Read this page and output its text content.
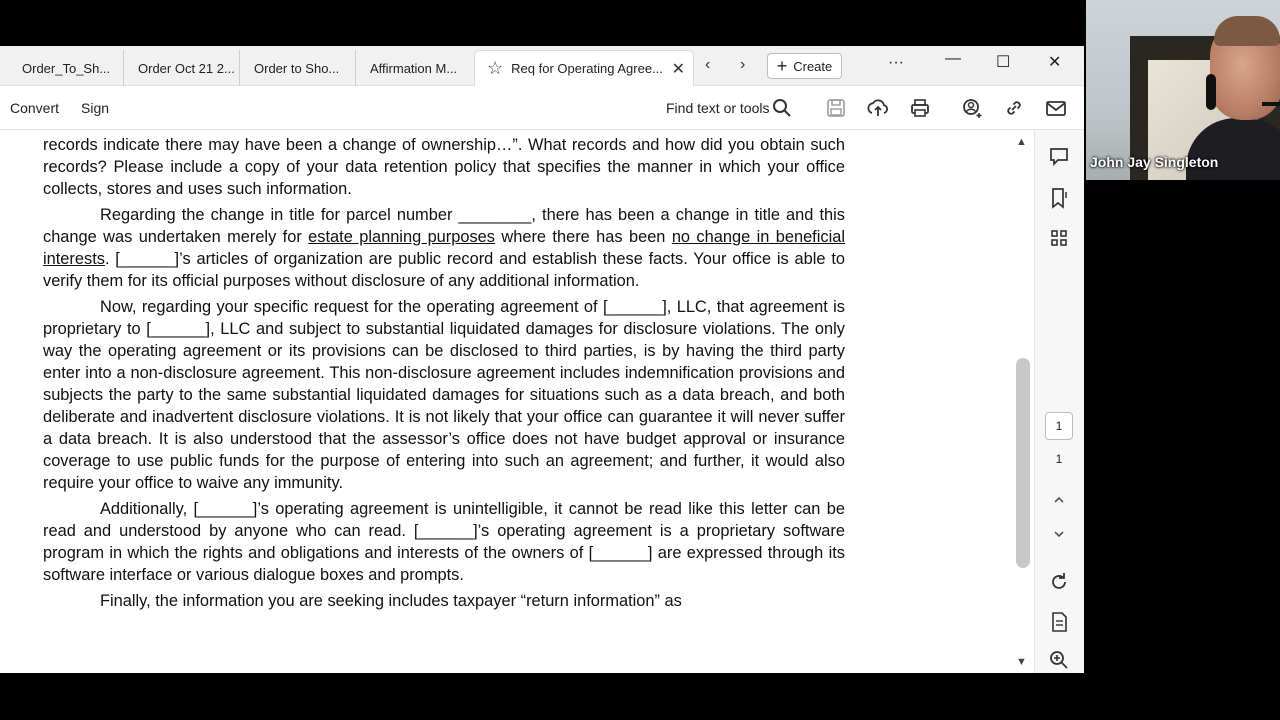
Order_To_Sh... Order Oct 21 2... Order to Sho... Affirmation M... ☆ Req for Operating Agree... ✕ ‹ › + Create	···	— ☐ ✕
Convert Sign	Find text or tools

records indicate there may have been a change of ownership…”. What records and how did you obtain such records? Please include a copy of your data retention policy that specifies the manner in which your office collects, stores and uses such information.

Regarding the change in title for parcel number ________, there has been a change in title and this change was undertaken merely for estate planning purposes where there has been no change in beneficial interests. [______]’s articles of organization are public record and establish these facts. Your office is able to verify them for its official purposes without disclosure of any additional information.

Now, regarding your specific request for the operating agreement of [______], LLC, that agreement is proprietary to [______], LLC and subject to substantial liquidated damages for disclosure violations. The only way the operating agreement or its provisions can be disclosed to third parties, is by having the third party enter into a non-disclosure agreement. This non-disclosure agreement includes indemnification provisions and subjects the party to the same substantial liquidated damages for situations such as a data breach, and both deliberate and inadvertent disclosure violations. It is not likely that your office can guarantee it will never suffer a data breach. It is also understood that the assessor’s office does not have budget approval or insurance coverage to use public funds for the purpose of entering into such an agreement; and further, it would also require your office to waive any immunity.

Additionally, [______]’s operating agreement is unintelligible, it cannot be read like this letter can be read and understood by anyone who can read. [______]’s operating agreement is a proprietary software program in which the rights and obligations and interests of the owners of [______] are expressed through its software interface or various dialogue boxes and prompts.

Finally, the information you are seeking includes taxpayer “return information” as

▲
▼
1
1
John Jay Singleton
